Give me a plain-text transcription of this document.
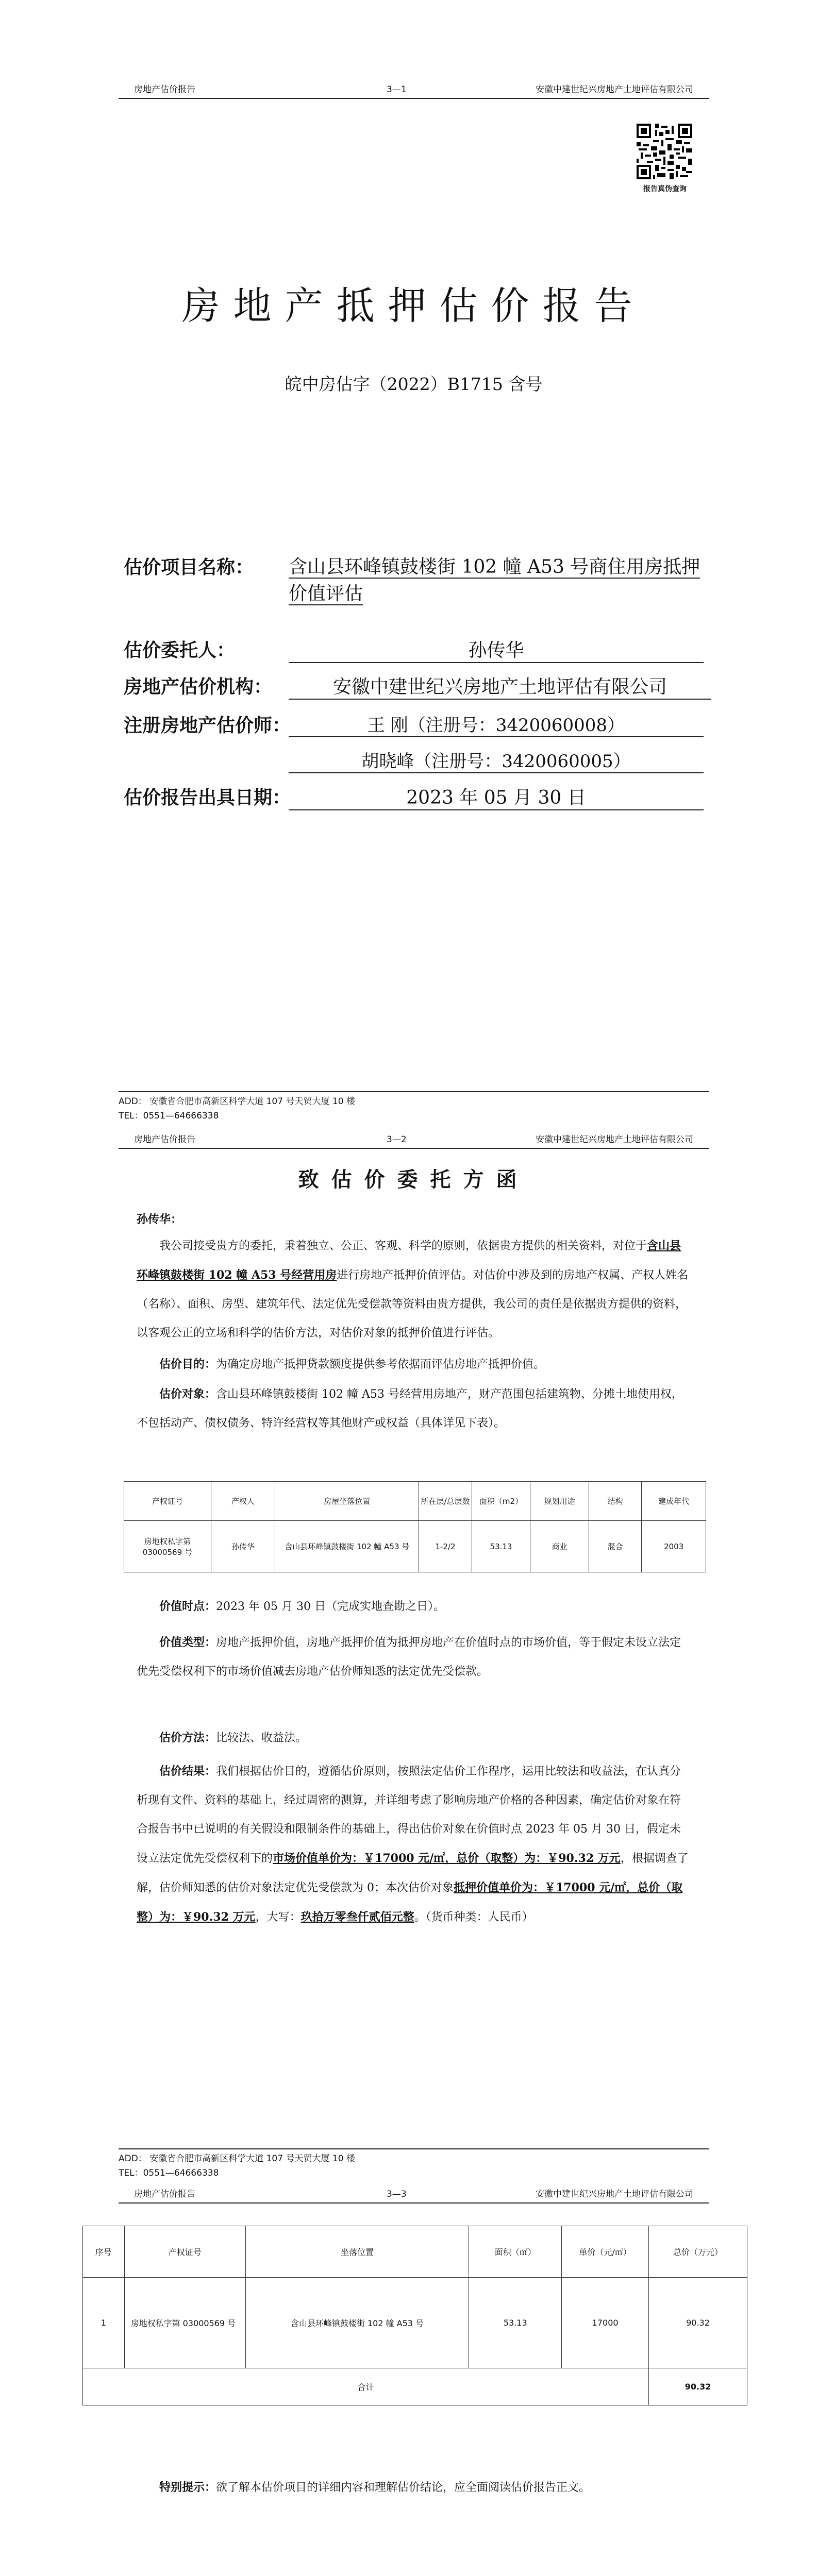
房地产估价报告	3—1	安徽中建世纪兴房地产土地评估有限公司
报告真伪查询
房地产抵押估价报告
皖中房估字（2022）B1715 含号
估价项目名称：	含山县环峰镇鼓楼街 102 幢 A53 号商住用房抵押价值评估
估价委托人：	孙传华
房地产估价机构：	安徽中建世纪兴房地产土地评估有限公司
注册房地产估价师：	王 刚（注册号：3420060008）
胡晓峰（注册号：3420060005）
估价报告出具日期：	2023 年 05 月 30 日
ADD： 安徽省合肥市高新区科学大道 107 号天贸大厦 10 楼
TEL：0551—64666338
房地产估价报告	3—2	安徽中建世纪兴房地产土地评估有限公司
致估价委托方函
孙传华：
我公司接受贵方的委托，秉着独立、公正、客观、科学的原则，依据贵方提供的相关资料，对位于含山县环峰镇鼓楼街 102 幢 A53 号经营用房进行房地产抵押价值评估。对估价中涉及到的房地产权属、产权人姓名（名称）、面积、房型、建筑年代、法定优先受偿款等资料由贵方提供，我公司的责任是依据贵方提供的资料，以客观公正的立场和科学的估价方法，对估价对象的抵押价值进行评估。
估价目的：为确定房地产抵押贷款额度提供参考依据而评估房地产抵押价值。
估价对象：含山县环峰镇鼓楼街 102 幢 A53 号经营用房地产，财产范围包括建筑物、分摊土地使用权，不包括动产、债权债务、特许经营权等其他财产或权益（具体详见下表）。
产权证号	产权人	房屋坐落位置	所在层/总层数	面积（m2）	规划用途	结构	建成年代
房地权私字第 03000569 号	孙传华	含山县环峰镇鼓楼街 102 幢 A53 号	1-2/2	53.13	商业	混合	2003
价值时点：2023 年 05 月 30 日（完成实地查勘之日）。
价值类型：房地产抵押价值，房地产抵押价值为抵押房地产在价值时点的市场价值，等于假定未设立法定优先受偿权利下的市场价值减去房地产估价师知悉的法定优先受偿款。
估价方法：比较法、收益法。
估价结果：我们根据估价目的，遵循估价原则，按照法定估价工作程序，运用比较法和收益法，在认真分析现有文件、资料的基础上，经过周密的测算，并详细考虑了影响房地产价格的各种因素，确定估价对象在符合报告书中已说明的有关假设和限制条件的基础上，得出估价对象在价值时点 2023 年 05 月 30 日，假定未设立法定优先受偿权利下的市场价值单价为：￥17000 元/㎡，总价（取整）为：￥90.32 万元，根据调查了解，估价师知悉的估价对象法定优先受偿款为 0；本次估价对象抵押价值单价为：￥17000 元/㎡，总价（取整）为：￥90.32 万元，大写：玖拾万零叁仟贰佰元整。（货币种类：人民币）
ADD： 安徽省合肥市高新区科学大道 107 号天贸大厦 10 楼
TEL：0551—64666338
房地产估价报告	3—3	安徽中建世纪兴房地产土地评估有限公司
序号	产权证号	坐落位置	面积（㎡）	单价（元/㎡）	总价（万元）
1	房地权私字第 03000569 号	含山县环峰镇鼓楼街 102 幢 A53 号	53.13	17000	90.32
合计					90.32
特别提示：欲了解本估价项目的详细内容和理解估价结论，应全面阅读估价报告正文。
